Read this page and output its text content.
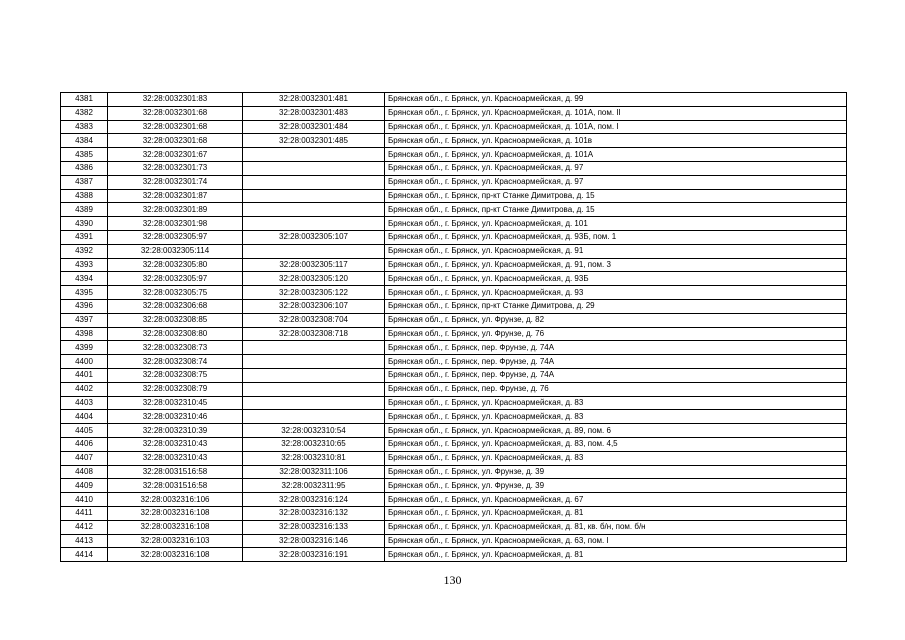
4381	32:28:0032301:83	32:28:0032301:481	Брянская обл., г. Брянск, ул. Красноармейская, д. 99
4382	32:28:0032301:68	32:28:0032301:483	Брянская обл., г. Брянск, ул. Красноармейская, д. 101А, пом. II
4383	32:28:0032301:68	32:28:0032301:484	Брянская обл., г. Брянск, ул. Красноармейская, д. 101А, пом. I
4384	32:28:0032301:68	32:28:0032301:485	Брянская обл., г. Брянск, ул. Красноармейская, д. 101в
4385	32:28:0032301:67		Брянская обл., г. Брянск, ул. Красноармейская, д. 101А
4386	32:28:0032301:73		Брянская обл., г. Брянск, ул. Красноармейская, д. 97
4387	32:28:0032301:74		Брянская обл., г. Брянск, ул. Красноармейская, д. 97
4388	32:28:0032301:87		Брянская обл., г. Брянск, пр-кт Станке Димитрова, д. 15
4389	32:28:0032301:89		Брянская обл., г. Брянск, пр-кт Станке Димитрова, д. 15
4390	32:28:0032301:98		Брянская обл., г. Брянск, ул. Красноармейская, д. 101
4391	32:28:0032305:97	32:28:0032305:107	Брянская обл., г. Брянск, ул. Красноармейская, д. 93Б, пом. 1
4392	32:28:0032305:114		Брянская обл., г. Брянск, ул. Красноармейская, д. 91
4393	32:28:0032305:80	32:28:0032305:117	Брянская обл., г. Брянск, ул. Красноармейская, д. 91, пом. 3
4394	32:28:0032305:97	32:28:0032305:120	Брянская обл., г. Брянск, ул. Красноармейская, д. 93Б
4395	32:28:0032305:75	32:28:0032305:122	Брянская обл., г. Брянск, ул. Красноармейская, д. 93
4396	32:28:0032306:68	32:28:0032306:107	Брянская обл., г. Брянск, пр-кт Станке Димитрова, д. 29
4397	32:28:0032308:85	32:28:0032308:704	Брянская обл., г. Брянск, ул. Фрунзе, д. 82
4398	32:28:0032308:80	32:28:0032308:718	Брянская обл., г. Брянск, ул. Фрунзе, д. 76
4399	32:28:0032308:73		Брянская обл., г. Брянск, пер. Фрунзе, д. 74А
4400	32:28:0032308:74		Брянская обл., г. Брянск, пер. Фрунзе, д. 74А
4401	32:28:0032308:75		Брянская обл., г. Брянск, пер. Фрунзе, д. 74А
4402	32:28:0032308:79		Брянская обл., г. Брянск, пер. Фрунзе, д. 76
4403	32:28:0032310:45		Брянская обл., г. Брянск, ул. Красноармейская, д. 83
4404	32:28:0032310:46		Брянская обл., г. Брянск, ул. Красноармейская, д. 83
4405	32:28:0032310:39	32:28:0032310:54	Брянская обл., г. Брянск, ул. Красноармейская, д. 89, пом. 6
4406	32:28:0032310:43	32:28:0032310:65	Брянская обл., г. Брянск, ул. Красноармейская, д. 83, пом. 4,5
4407	32:28:0032310:43	32:28:0032310:81	Брянская обл., г. Брянск, ул. Красноармейская, д. 83
4408	32:28:0031516:58	32:28:0032311:106	Брянская обл., г. Брянск, ул. Фрунзе, д. 39
4409	32:28:0031516:58	32:28:0032311:95	Брянская обл., г. Брянск, ул. Фрунзе, д. 39
4410	32:28:0032316:106	32:28:0032316:124	Брянская обл., г. Брянск, ул. Красноармейская, д. 67
4411	32:28:0032316:108	32:28:0032316:132	Брянская обл., г. Брянск, ул. Красноармейская, д. 81
4412	32:28:0032316:108	32:28:0032316:133	Брянская обл., г. Брянск, ул. Красноармейская, д. 81, кв. б/н, пом. б/н
4413	32:28:0032316:103	32:28:0032316:146	Брянская обл., г. Брянск, ул. Красноармейская, д. 63, пом. I
4414	32:28:0032316:108	32:28:0032316:191	Брянская обл., г. Брянск, ул. Красноармейская, д. 81
130
